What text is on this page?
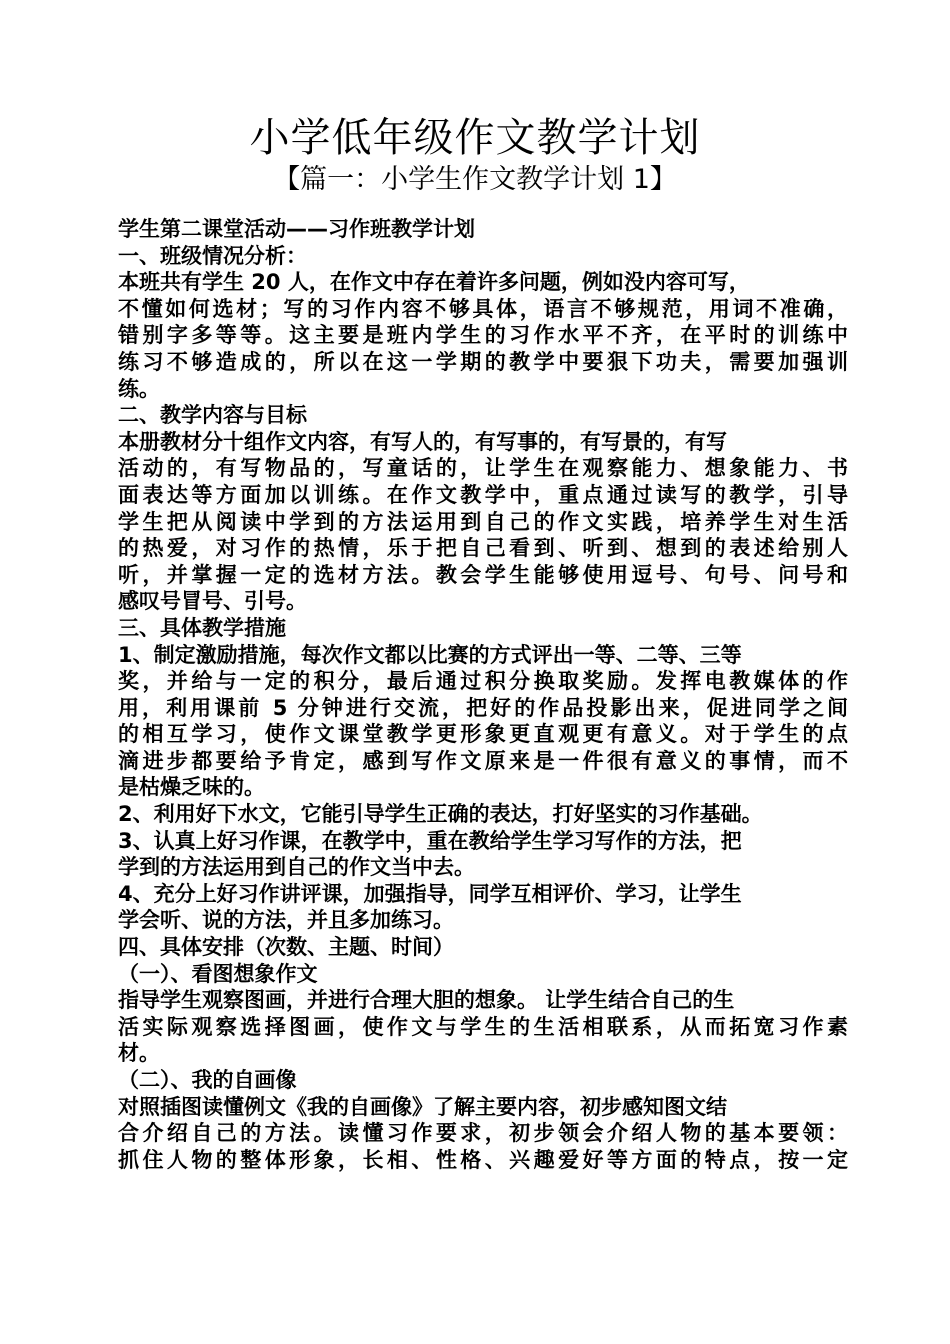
小学低年级作文教学计划
【篇一：小学生作文教学计划 1】
学生第二课堂活动——习作班教学计划
一、班级情况分析：
本班共有学生 20 人，在作文中存在着许多问题，例如没内容可写，
不懂如何选材；写的习作内容不够具体，语言不够规范，用词不准确，
错别字多等等。这主要是班内学生的习作水平不齐，在平时的训练中
练习不够造成的，所以在这一学期的教学中要狠下功夫，需要加强训
练。
二、教学内容与目标
本册教材分十组作文内容，有写人的，有写事的，有写景的，有写
活动的，有写物品的，写童话的，让学生在观察能力、想象能力、书
面表达等方面加以训练。在作文教学中，重点通过读写的教学，引导
学生把从阅读中学到的方法运用到自己的作文实践，培养学生对生活
的热爱，对习作的热情，乐于把自己看到、听到、想到的表述给别人
听，并掌握一定的选材方法。教会学生能够使用逗号、句号、问号和
感叹号冒号、引号。
三、具体教学措施
1、制定激励措施，每次作文都以比赛的方式评出一等、二等、三等
奖，并给与一定的积分，最后通过积分换取奖励。发挥电教媒体的作
用，利用课前 5 分钟进行交流，把好的作品投影出来，促进同学之间
的相互学习，使作文课堂教学更形象更直观更有意义。对于学生的点
滴进步都要给予肯定，感到写作文原来是一件很有意义的事情，而不
是枯燥乏味的。
2、利用好下水文，它能引导学生正确的表达，打好坚实的习作基础。
3、认真上好习作课，在教学中，重在教给学生学习写作的方法，把
学到的方法运用到自己的作文当中去。
4、充分上好习作讲评课，加强指导，同学互相评价、学习，让学生
学会听、说的方法，并且多加练习。
四、具体安排（次数、主题、时间）
（一）、看图想象作文
指导学生观察图画，并进行合理大胆的想象。 让学生结合自己的生
活实际观察选择图画，使作文与学生的生活相联系，从而拓宽习作素
材。
（二）、我的自画像
对照插图读懂例文《我的自画像》了解主要内容，初步感知图文结
合介绍自己的方法。读懂习作要求，初步领会介绍人物的基本要领：
抓住人物的整体形象，长相、性格、兴趣爱好等方面的特点，按一定
